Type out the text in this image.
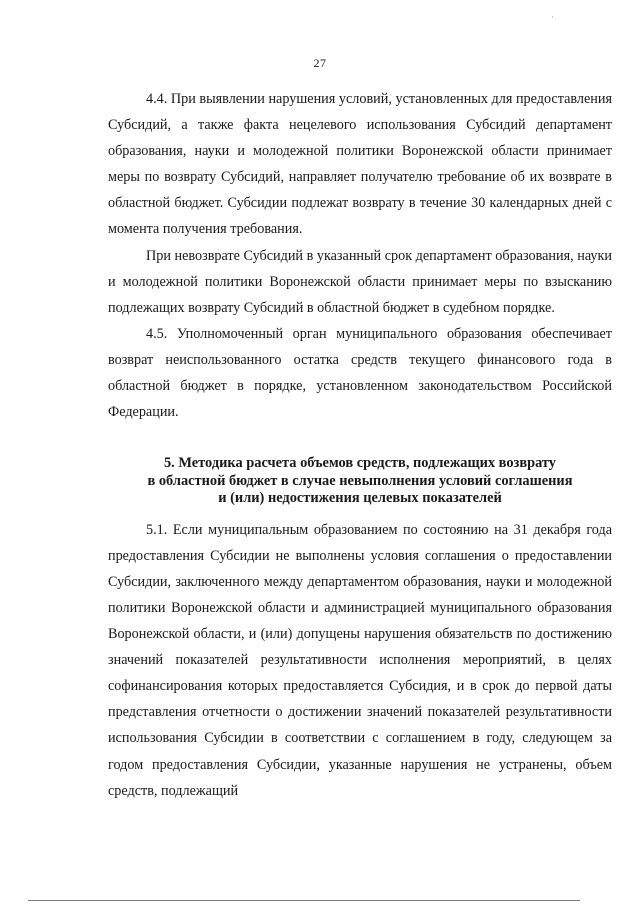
·
27

4.4. При выявлении нарушения условий, установленных для предоставления Субсидий, а также факта нецелевого использования Субсидий департамент образования, науки и молодежной политики Воронежской области принимает меры по возврату Субсидий, направляет получателю требование об их возврате в областной бюджет. Субсидии подлежат возврату в течение 30 календарных дней с момента получения требования.

При невозврате Субсидий в указанный срок департамент образования, науки и молодежной политики Воронежской области принимает меры по взысканию подлежащих возврату Субсидий в областной бюджет в судебном порядке.

4.5. Уполномоченный орган муниципального образования обеспечивает возврат неиспользованного остатка средств текущего финансового года в областной бюджет в порядке, установленном законодательством Российской Федерации.

5. Методика расчета объемов средств, подлежащих возврату
в областной бюджет в случае невыполнения условий соглашения
и (или) недостижения целевых показателей

5.1. Если муниципальным образованием по состоянию на 31 декабря года предоставления Субсидии не выполнены условия соглашения о предоставлении Субсидии, заключенного между департаментом образования, науки и молодежной политики Воронежской области и администрацией муниципального образования Воронежской области, и (или) допущены нарушения обязательств по достижению значений показателей результативности исполнения мероприятий, в целях софинансирования которых предоставляется Субсидия, и в срок до первой даты представления отчетности о достижении значений показателей результативности использования Субсидии в соответствии с соглашением в году, следующем за годом предоставления Субсидии, указанные нарушения не устранены, объем средств, подлежащий
